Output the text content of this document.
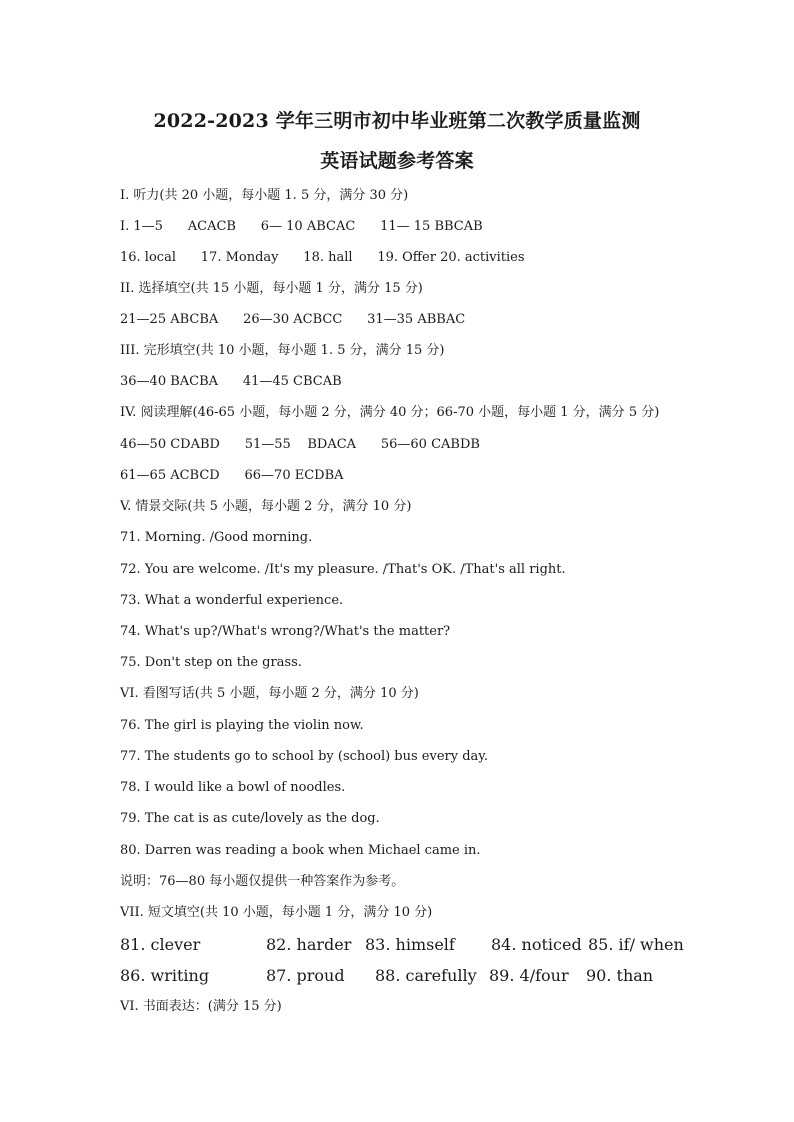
2022-2023 学年三明市初中毕业班第二次教学质量监测
英语试题参考答案
I. 听力(共 20 小题，每小题 1. 5 分，满分 30 分)
I. 1—5      ACACB      6— 10 ABCAC      11— 15 BBCAB
16. local      17. Monday      18. hall      19. Offer 20. activities
II. 选择填空(共 15 小题，每小题 1 分，满分 15 分)
21—25 ABCBA      26—30 ACBCC      31—35 ABBAC
III. 完形填空(共 10 小题，每小题 1. 5 分，满分 15 分)
36—40 BACBA      41—45 CBCAB
IV. 阅读理解(46-65 小题，每小题 2 分，满分 40 分；66-70 小题，每小题 1 分，满分 5 分)
46—50 CDABD      51—55    BDACA      56—60 CABDB
61—65 ACBCD      66—70 ECDBA
V. 情景交际(共 5 小题，每小题 2 分，满分 10 分)
71. Morning. /Good morning.
72. You are welcome. /It's my pleasure. /That's OK. /That's all right.
73. What a wonderful experience.
74. What's up?/What's wrong?/What's the matter?
75. Don't step on the grass.
VI. 看图写话(共 5 小题，每小题 2 分，满分 10 分)
76. The girl is playing the violin now.
77. The students go to school by (school) bus every day.
78. I would like a bowl of noodles.
79. The cat is as cute/lovely as the dog.
80. Darren was reading a book when Michael came in.
说明：76—80 每小题仅提供一种答案作为参考。
VII. 短文填空(共 10 小题，每小题 1 分，满分 10 分)
81. clever	82. harder 83. himself 84. noticed 85. if/ when
86. writing	87. proud 88. carefully 89. 4/four 90. than
VI. 书面表达：(满分 15 分)
